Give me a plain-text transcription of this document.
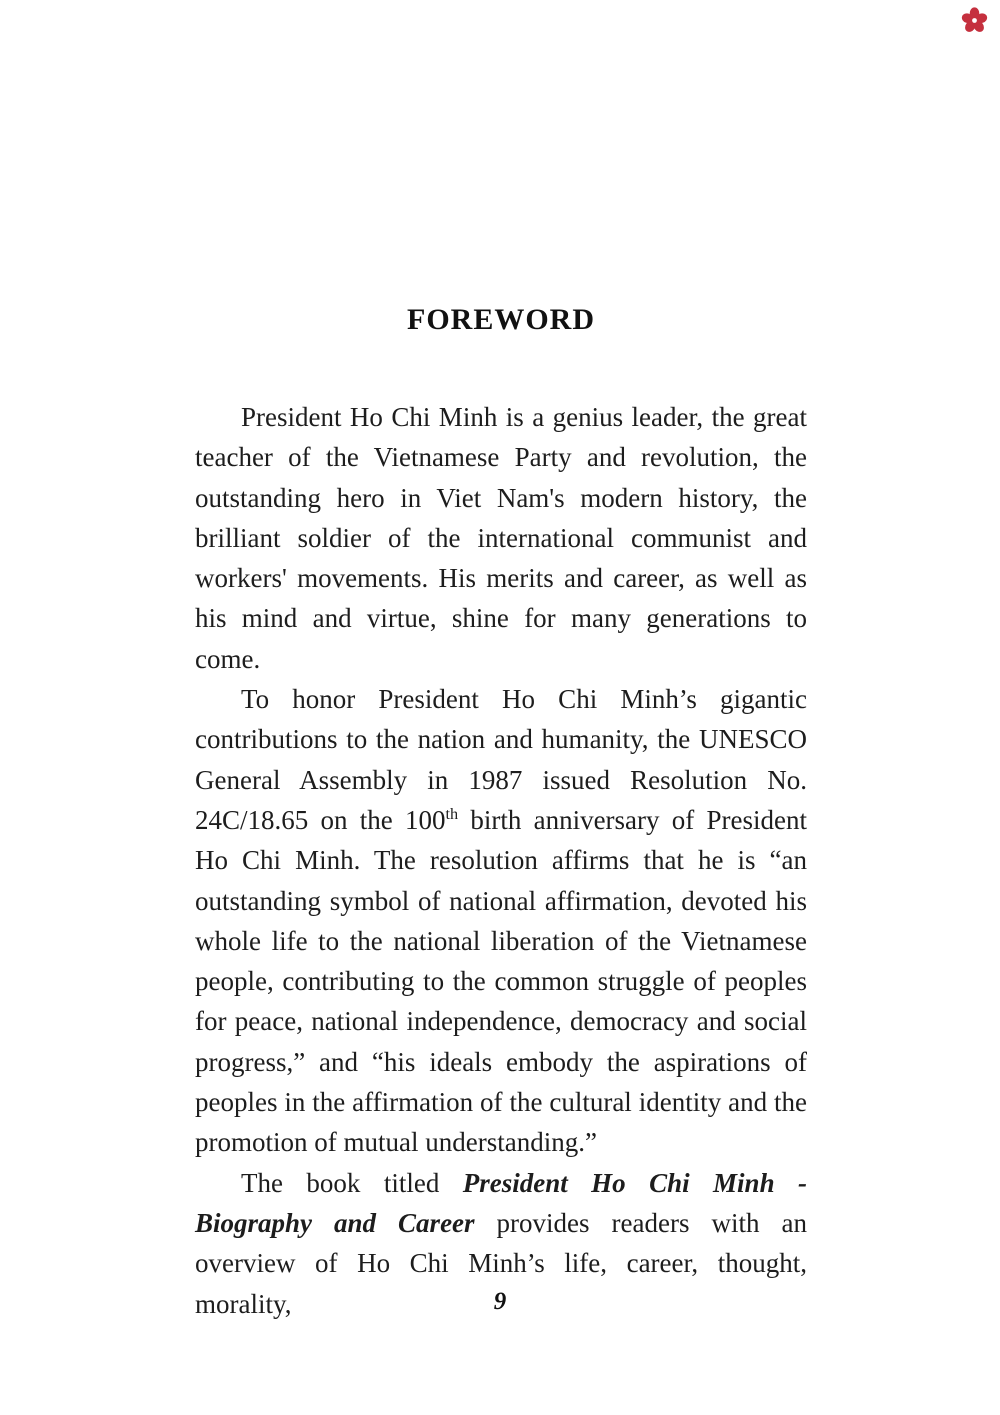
FOREWORD

President Ho Chi Minh is a genius leader, the great teacher of the Vietnamese Party and revolution, the outstanding hero in Viet Nam's modern history, the brilliant soldier of the international communist and workers' movements. His merits and career, as well as his mind and virtue, shine for many generations to come.

To honor President Ho Chi Minh’s gigantic contributions to the nation and humanity, the UNESCO General Assembly in 1987 issued Resolution No. 24C/18.65 on the 100th birth anniversary of President Ho Chi Minh. The resolution affirms that he is “an outstanding symbol of national affirmation, devoted his whole life to the national liberation of the Vietnamese people, contributing to the common struggle of peoples for peace, national independence, democracy and social progress,” and “his ideals embody the aspirations of peoples in the affirmation of the cultural identity and the promotion of mutual understanding.”

The book titled President Ho Chi Minh - Biography and Career provides readers with an overview of Ho Chi Minh’s life, career, thought, morality,	9
